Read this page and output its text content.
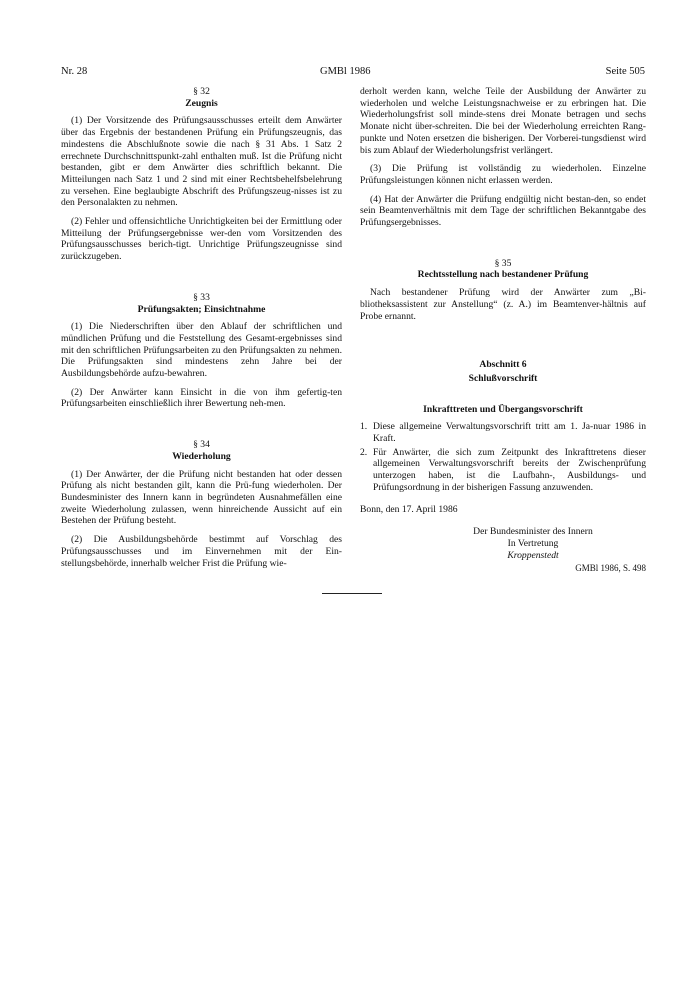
Nr. 28	GMBl 1986	Seite 505

§ 32

Zeugnis

(1) Der Vorsitzende des Prüfungsausschusses erteilt dem Anwärter über das Ergebnis der bestandenen Prüfung ein Prüfungszeugnis, das mindestens die Abschlußnote sowie die nach § 31 Abs. 1 Satz 2 errechnete Durchschnittspunkt-zahl enthalten muß. Ist die Prüfung nicht bestanden, gibt er dem Anwärter dies schriftlich bekannt. Die Mitteilungen nach Satz 1 und 2 sind mit einer Rechtsbehelfsbelehrung zu versehen. Eine beglaubigte Abschrift des Prüfungszeug-nisses ist zu den Personalakten zu nehmen.

(2) Fehler und offensichtliche Unrichtigkeiten bei der Ermittlung oder Mitteilung der Prüfungsergebnisse wer-den vom Vorsitzenden des Prüfungsausschusses berich-tigt. Unrichtige Prüfungszeugnisse sind zurückzugeben.

§ 33

Prüfungsakten; Einsichtnahme

(1) Die Niederschriften über den Ablauf der schriftlichen und mündlichen Prüfung und die Feststellung des Gesamt-ergebnisses sind mit den schriftlichen Prüfungsarbeiten zu den Prüfungsakten zu nehmen. Die Prüfungsakten sind mindestens zehn Jahre bei der Ausbildungsbehörde aufzu-bewahren.

(2) Der Anwärter kann Einsicht in die von ihm gefertig-ten Prüfungsarbeiten einschließlich ihrer Bewertung neh-men.

§ 34

Wiederholung

(1) Der Anwärter, der die Prüfung nicht bestanden hat oder dessen Prüfung als nicht bestanden gilt, kann die Prü-fung wiederholen. Der Bundesminister des Innern kann in begründeten Ausnahmefällen eine zweite Wiederholung zulassen, wenn hinreichende Aussicht auf ein Bestehen der Prüfung besteht.

(2) Die Ausbildungsbehörde bestimmt auf Vorschlag des Prüfungsausschusses und im Einvernehmen mit der Ein-stellungsbehörde, innerhalb welcher Frist die Prüfung wie-

derholt werden kann, welche Teile der Ausbildung der Anwärter zu wiederholen und welche Leistungsnachweise er zu erbringen hat. Die Wiederholungsfrist soll minde-stens drei Monate betragen und sechs Monate nicht über-schreiten. Die bei der Wiederholung erreichten Rang-punkte und Noten ersetzen die bisherigen. Der Vorberei-tungsdienst wird bis zum Ablauf der Wiederholungsfrist verlängert.

(3) Die Prüfung ist vollständig zu wiederholen. Einzelne Prüfungsleistungen können nicht erlassen werden.

(4) Hat der Anwärter die Prüfung endgültig nicht bestan-den, so endet sein Beamtenverhältnis mit dem Tage der schriftlichen Bekanntgabe des Prüfungsergebnisses.

§ 35

Rechtsstellung nach bestandener Prüfung

Nach bestandener Prüfung wird der Anwärter zum „Bi-bliotheksassistent zur Anstellung“ (z. A.) im Beamtenver-hältnis auf Probe ernannt.

Abschnitt 6

Schlußvorschrift

Inkrafttreten und Übergangsvorschrift

1. Diese allgemeine Verwaltungsvorschrift tritt am 1. Ja-nuar 1986 in Kraft.
2. Für Anwärter, die sich zum Zeitpunkt des Inkrafttretens dieser allgemeinen Verwaltungsvorschrift bereits der Zwischenprüfung unterzogen haben, ist die Laufbahn-, Ausbildungs- und Prüfungsordnung in der bisherigen Fassung anzuwenden.

Bonn, den 17. April 1986

Der Bundesminister des Innern

In Vertretung

Kroppenstedt

GMBl 1986, S. 498
